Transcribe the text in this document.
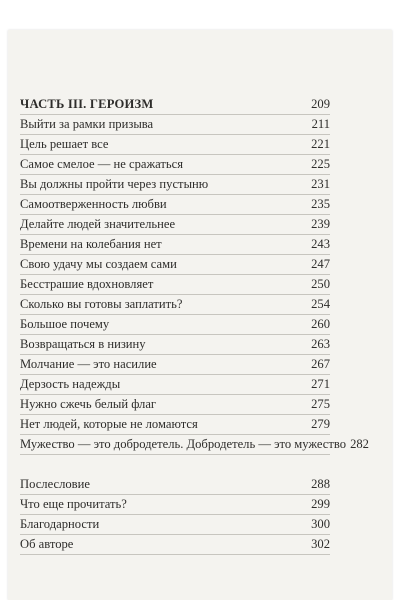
ЧАСТЬ III. ГЕРОИЗМ	209
Выйти за рамки призыва	211
Цель решает все	221
Самое смелое — не сражаться	225
Вы должны пройти через пустыню	231
Самоотверженность любви	235
Делайте людей значительнее	239
Времени на колебания нет	243
Свою удачу мы создаем сами	247
Бесстрашие вдохновляет	250
Сколько вы готовы заплатить?	254
Большое почему	260
Возвращаться в низину	263
Молчание — это насилие	267
Дерзость надежды	271
Нужно сжечь белый флаг	275
Нет людей, которые не ломаются	279
Мужество — это добродетель. Добродетель — это мужество 282
Послесловие	288
Что еще прочитать?	299
Благодарности	300
Об авторе	302
